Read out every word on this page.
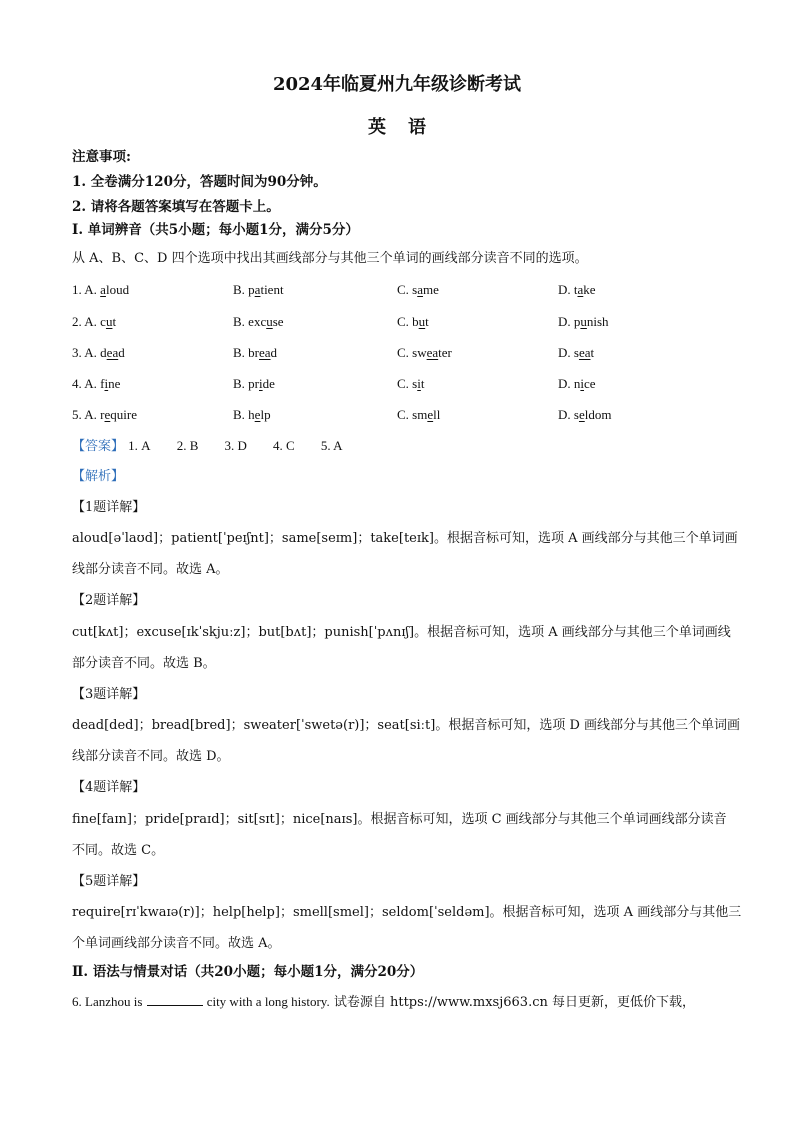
2024年临夏州九年级诊断考试
英语
注意事项:
1. 全卷满分120分，答题时间为90分钟。
2. 请将各题答案填写在答题卡上。
Ⅰ. 单词辨音（共5小题；每小题1分，满分5分）
从 A、B、C、D 四个选项中找出其画线部分与其他三个单词的画线部分读音不同的选项。
1. A. aloud	B. patient	C. same	D. take
2. A. cut	B. excuse	C. but	D. punish
3. A. dead	B. bread	C. sweater	D. seat
4. A. fine	B. pride	C. sit	D. nice
5. A. require	B. help	C. smell	D. seldom
【答案】 1. A 2. B 3. D 4. C 5. A
【解析】
【1题详解】
aloud[əˈlaʊd]；patient[ˈpeɪʃnt]；same[seɪm]；take[teɪk]。根据音标可知，选项 A 画线部分与其他三个单词画
线部分读音不同。故选 A。
【2题详解】
cut[kʌt]；excuse[ɪkˈskjuːz]；but[bʌt]；punish[ˈpʌnɪʃ]。根据音标可知，选项 A 画线部分与其他三个单词画线
部分读音不同。故选 B。
【3题详解】
dead[ded]；bread[bred]；sweater[ˈswetə(r)]；seat[siːt]。根据音标可知，选项 D 画线部分与其他三个单词画
线部分读音不同。故选 D。
【4题详解】
fine[faɪn]；pride[praɪd]；sit[sɪt]；nice[naɪs]。根据音标可知，选项 C 画线部分与其他三个单词画线部分读音
不同。故选 C。
【5题详解】
require[rɪˈkwaɪə(r)]；help[help]；smell[smel]；seldom[ˈseldəm]。根据音标可知，选项 A 画线部分与其他三
个单词画线部分读音不同。故选 A。
Ⅱ. 语法与情景对话（共20小题；每小题1分，满分20分）
6. Lanzhou is	city with a long history. 试卷源自 https://www.mxsj663.cn 每日更新，更低价下载，
